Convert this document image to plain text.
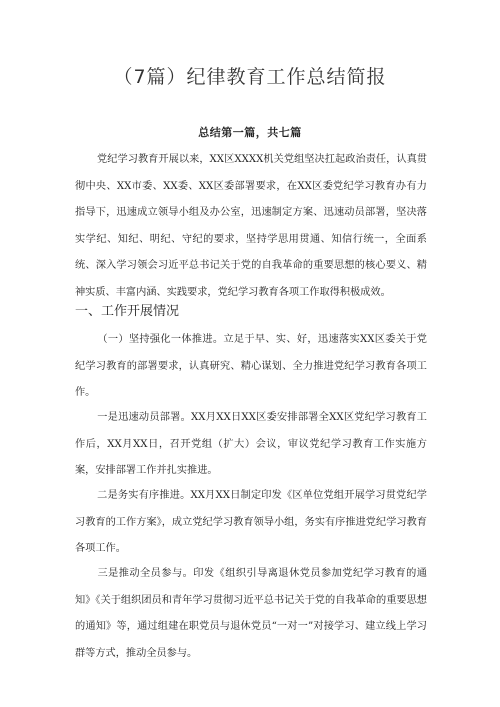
（7篇）纪律教育工作总结简报
总结第一篇，共七篇

党纪学习教育开展以来，XX区XXXX机关党组坚决扛起政治责任，认真贯彻中央、XX市委、XX委、XX区委部署要求，在XX区委党纪学习教育办有力指导下，迅速成立领导小组及办公室，迅速制定方案、迅速动员部署，坚决落实学纪、知纪、明纪、守纪的要求，坚持学思用贯通、知信行统一，全面系统、深入学习领会习近平总书记关于党的自我革命的重要思想的核心要义、精神实质、丰富内涵、实践要求，党纪学习教育各项工作取得积极成效。

一、工作开展情况

（一）坚持强化一体推进。立足于早、实、好，迅速落实XX区委关于党纪学习教育的部署要求，认真研究、精心谋划、全力推进党纪学习教育各项工作。

一是迅速动员部署。XX月XX日XX区委安排部署全XX区党纪学习教育工作后，XX月XX日，召开党组（扩大）会议，审议党纪学习教育工作实施方案，安排部署工作并扎实推进。

二是务实有序推进。XX月XX日制定印发《区单位党组开展学习贯党纪学习教育的工作方案》，成立党纪学习教育领导小组，务实有序推进党纪学习教育各项工作。

三是推动全员参与。印发《组织引导离退休党员参加党纪学习教育的通知》《关于组织团员和青年学习贯彻习近平总书记关于党的自我革命的重要思想的通知》等，通过组建在职党员与退休党员“一对一”对接学习、建立线上学习群等方式，推动全员参与。
